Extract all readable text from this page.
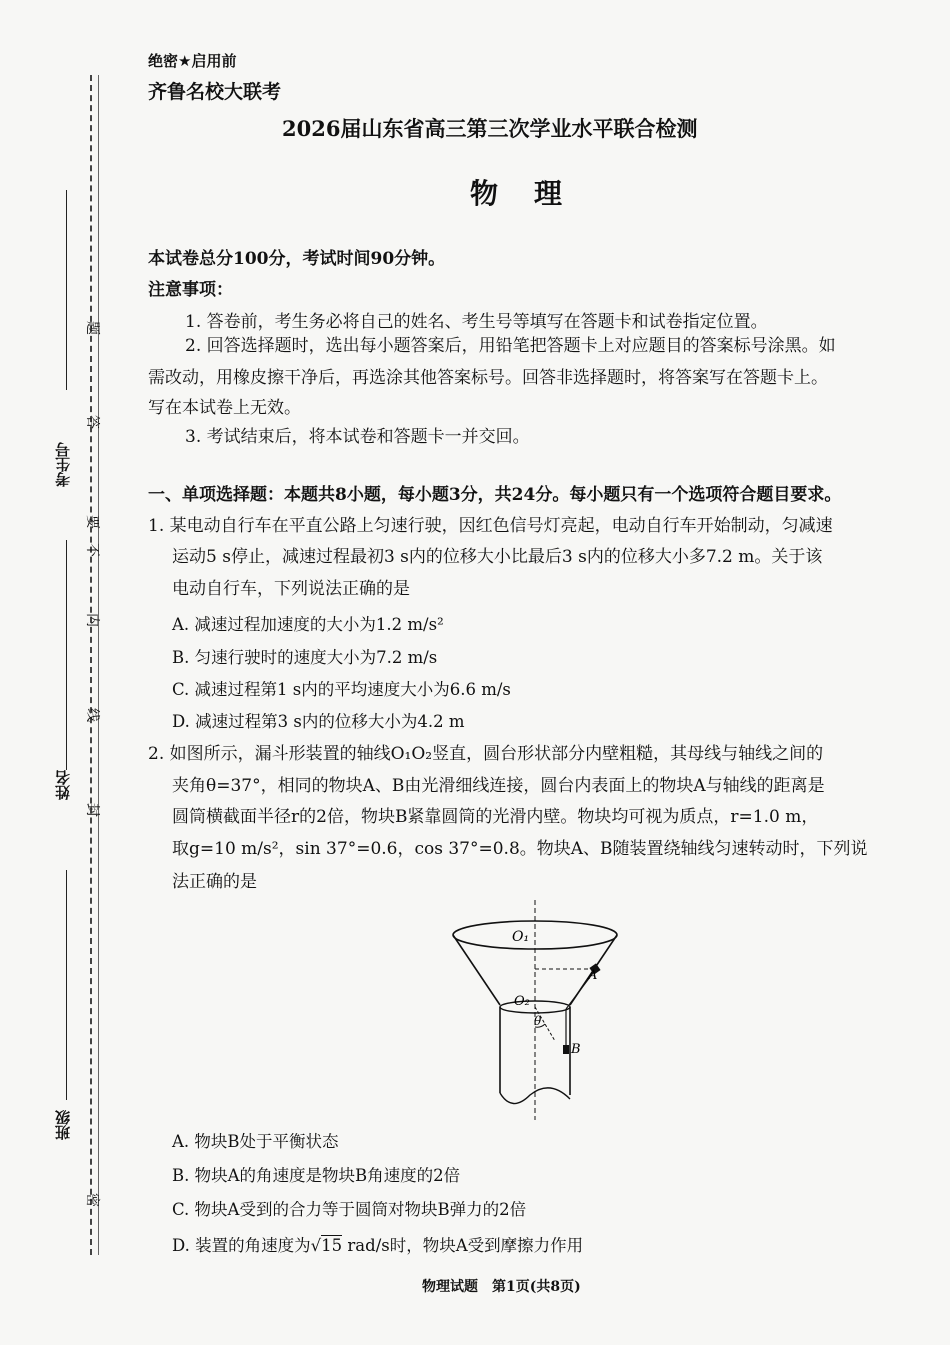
考生号
姓名
班级
题
答
要
不
内
线
封
密
绝密★启用前
齐鲁名校大联考
2026届山东省高三第三次学业水平联合检测
物　理
本试卷总分100分，考试时间90分钟。
注意事项：
1. 答卷前，考生务必将自己的姓名、考生号等填写在答题卡和试卷指定位置。
2. 回答选择题时，选出每小题答案后，用铅笔把答题卡上对应题目的答案标号涂黑。如
需改动，用橡皮擦干净后，再选涂其他答案标号。回答非选择题时，将答案写在答题卡上。
写在本试卷上无效。
3. 考试结束后，将本试卷和答题卡一并交回。
一、单项选择题：本题共8小题，每小题3分，共24分。每小题只有一个选项符合题目要求。
1. 某电动自行车在平直公路上匀速行驶，因红色信号灯亮起，电动自行车开始制动，匀减速
运动5 s停止，减速过程最初3 s内的位移大小比最后3 s内的位移大小多7.2 m。关于该
电动自行车，下列说法正确的是
A. 减速过程加速度的大小为1.2 m/s²
B. 匀速行驶时的速度大小为7.2 m/s
C. 减速过程第1 s内的平均速度大小为6.6 m/s
D. 减速过程第3 s内的位移大小为4.2 m
2. 如图所示，漏斗形装置的轴线O₁O₂竖直，圆台形状部分内壁粗糙，其母线与轴线之间的
夹角θ=37°，相同的物块A、B由光滑细线连接，圆台内表面上的物块A与轴线的距离是
圆筒横截面半径r的2倍，物块B紧靠圆筒的光滑内壁。物块均可视为质点，r=1.0 m，
取g=10 m/s²，sin 37°=0.6，cos 37°=0.8。物块A、B随装置绕轴线匀速转动时，下列说
法正确的是
O₁
O₂
A
B
θ
A. 物块B处于平衡状态
B. 物块A的角速度是物块B角速度的2倍
C. 物块A受到的合力等于圆筒对物块B弹力的2倍
D. 装置的角速度为√15 rad/s时，物块A受到摩擦力作用
物理试题　第1页(共8页)
